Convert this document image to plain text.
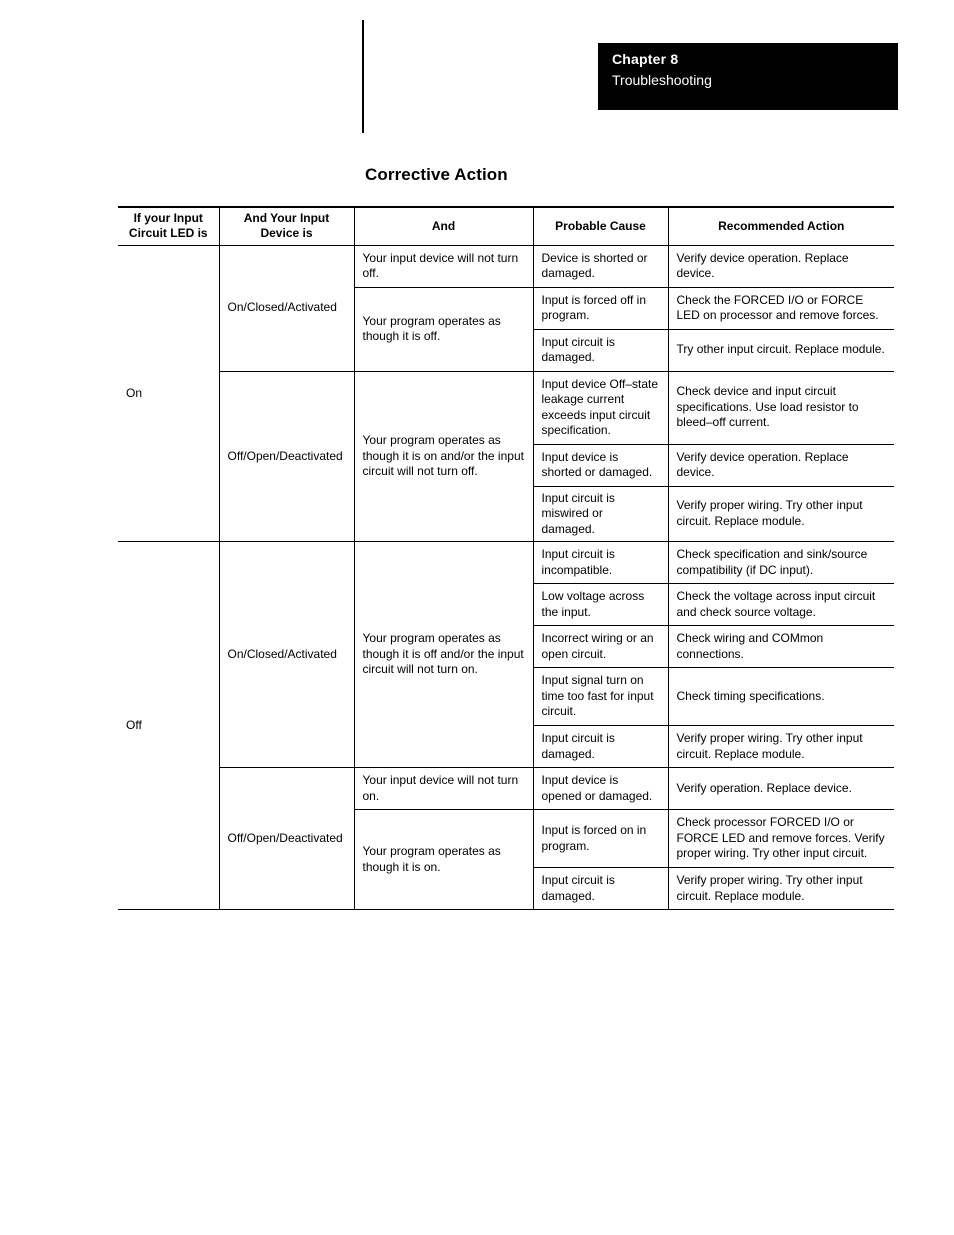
Chapter 8
Troubleshooting
Corrective Action
If your Input Circuit LED is	And Your Input Device is	And	Probable Cause	Recommended Action
On	On/Closed/Activated	Your input device will not turn off.	Device is shorted or damaged.	Verify device operation. Replace device.
		Your program operates as though it is off.	Input is forced off in program.	Check the FORCED I/O or FORCE LED on processor and remove forces.
			Input circuit is damaged.	Try other input circuit. Replace module.
	Off/Open/Deactivated	Your program operates as though it is on and/or the input circuit will not turn off.	Input device Off–state leakage current exceeds input circuit specification.	Check device and input circuit specifications. Use load resistor to bleed–off current.
			Input device is shorted or damaged.	Verify device operation. Replace device.
			Input circuit is miswired or damaged.	Verify proper wiring. Try other input circuit. Replace module.
Off	On/Closed/Activated	Your program operates as though it is off and/or the input circuit will not turn on.	Input circuit is incompatible.	Check specification and sink/source compatibility (if DC input).
			Low voltage across the input.	Check the voltage across input circuit and check source voltage.
			Incorrect wiring or an open circuit.	Check wiring and COMmon connections.
			Input signal turn on time too fast for input circuit.	Check timing specifications.
			Input circuit is damaged.	Verify proper wiring. Try other input circuit. Replace module.
	Off/Open/Deactivated	Your input device will not turn on.	Input device is opened or damaged.	Verify operation. Replace device.
		Your program operates as though it is on.	Input is forced on in program.	Check processor FORCED I/O or FORCE LED and remove forces. Verify proper wiring. Try other input circuit.
			Input circuit is damaged.	Verify proper wiring. Try other input circuit. Replace module.
